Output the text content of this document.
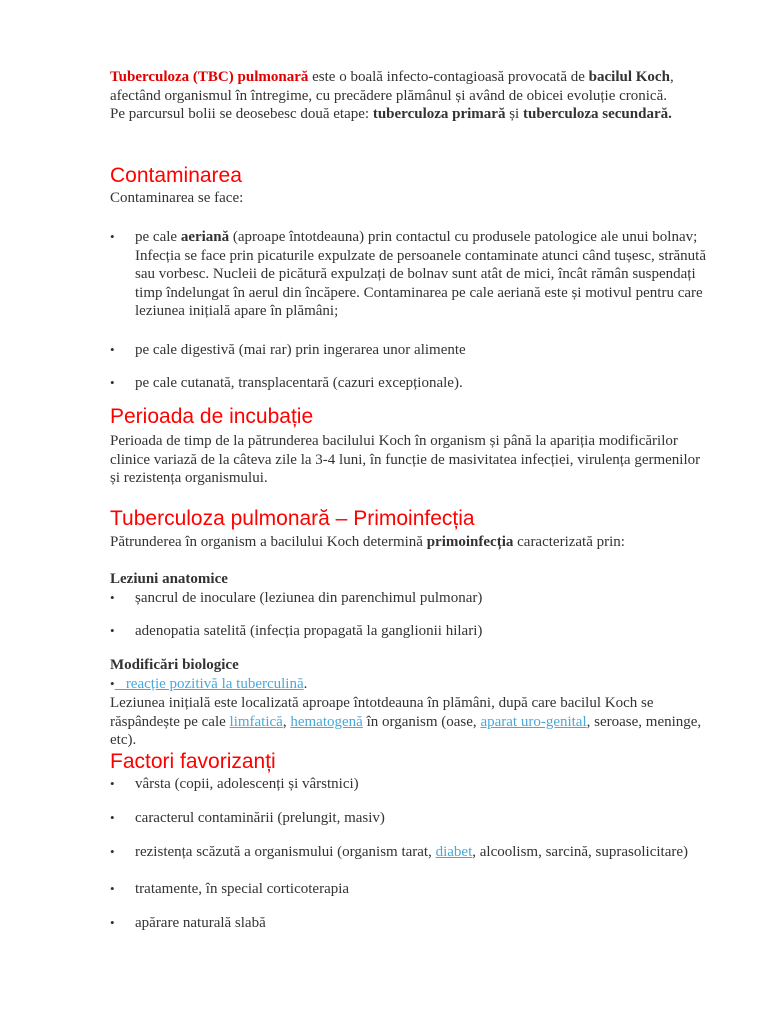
Tuberculoza (TBC) pulmonară este o boală infecto-contagioasă provocată de bacilul Koch, afectând organismul în întregime, cu precădere plămânul și având de obicei evoluție cronică.
Pe parcursul bolii se deosebesc două etape: tuberculoza primară și tuberculoza secundară.
Contaminarea
Contaminarea se face:
• pe cale aeriană (aproape întotdeauna) prin contactul cu produsele patologice ale unui bolnav; Infecția se face prin picaturile expulzate de persoanele contaminate atunci când tușesc, strănută sau vorbesc. Nucleii de picătură expulzați de bolnav sunt atât de mici, încât rămân suspendați timp îndelungat în aerul din încăpere. Contaminarea pe cale aeriană este și motivul pentru care leziunea inițială apare în plămâni;
• pe cale digestivă (mai rar) prin ingerarea unor alimente
• pe cale cutanată, transplacentară (cazuri excepționale).
Perioada de incubație
Perioada de timp de la pătrunderea bacilului Koch în organism și până la apariția modificărilor clinice variază de la câteva zile la 3-4 luni, în funcție de masivitatea infecției, virulența germenilor și rezistența organismului.
Tuberculoza pulmonară – Primoinfecția
Pătrunderea în organism a bacilului Koch determină primoinfecția caracterizată prin:
Leziuni anatomice
• șancrul de inoculare (leziunea din parenchimul pulmonar)
• adenopatia satelită (infecția propagată la ganglionii hilari)
Modificări biologice
•   reacție pozitivă la tuberculină.
Leziunea inițială este localizată aproape întotdeauna în plămâni, după care bacilul Koch se răspândește pe cale limfatică, hematogenă în organism (oase, aparat uro-genital, seroase, meninge, etc).
Factori favorizanți
• vârsta (copii, adolescenți și vârstnici)
• caracterul contaminării (prelungit, masiv)
• rezistența scăzută a organismului (organism tarat, diabet, alcoolism, sarcină, suprasolicitare)
• tratamente, în special corticoterapia
• apărare naturală slabă
